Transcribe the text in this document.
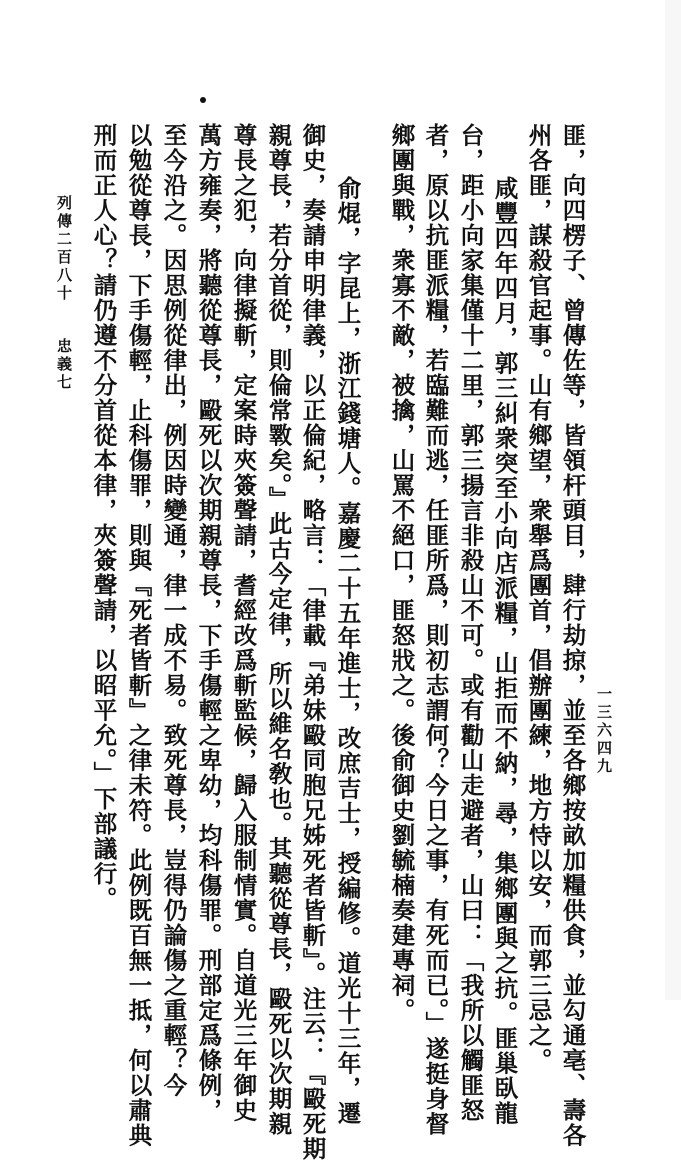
匪，向四楞子、曾傳佐等，皆領杆頭目，肆行劫掠，並至各鄉按畝加糧供食，並勾通亳、壽各
州各匪，謀殺官起事。山有鄉望，衆舉爲團首，倡辦團練，地方恃以安，而郭三忌之。
咸豐四年四月，郭三糾衆突至小向店派糧，山拒而不納，尋，集鄉團與之抗。匪巢臥龍
台，距小向家集僅十二里，郭三揚言非殺山不可。或有勸山走避者，山曰：「我所以觸匪怒
者，原以抗匪派糧，若臨難而逃，任匪所爲，則初志謂何？今日之事，有死而已。」遂挺身督
鄉團與戰，衆寡不敵，被擒，山罵不絕口，匪怒戕之。後俞御史劉毓楠奏建專祠。
俞焜，字昆上，浙江錢塘人。嘉慶二十五年進士，改庶吉士，授編修。道光十三年，遷
御史，奏請申明律義，以正倫紀，略言：「律載『弟妹毆同胞兄姊死者皆斬』。注云：『毆死期
親尊長，若分首從，則倫常斁矣。』此古今定律，所以維名敎也。其聽從尊長，毆死以次期親
尊長之犯，向律擬斬，定案時夾簽聲請，耆經改爲斬監候，歸入服制情實。自道光三年御史
萬方雍奏，將聽從尊長，毆死以次期親尊長，下手傷輕之卑幼，均科傷罪。刑部定爲條例，
至今沿之。因思例從律出，例因時變通，律一成不易。致死尊長，豈得仍論傷之重輕？今
以勉從尊長，下手傷輕，止科傷罪，則與『死者皆斬』之律未符。此例既百無一抵，何以肅典
刑而正人心？請仍遵不分首從本律，夾簽聲請，以昭平允。」下部議行。
列傳二百八十
忠義七
一三六四九
